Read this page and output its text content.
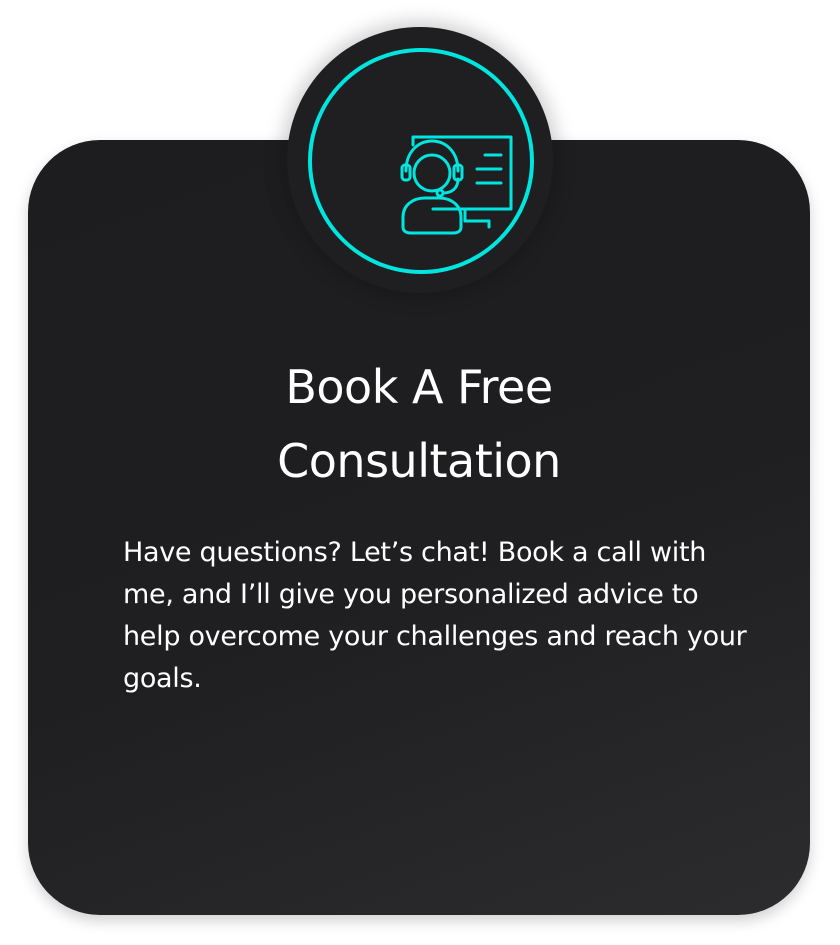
Book A Free
Consultation

Have questions? Let’s chat! Book a call with me, and I’ll give you personalized advice to help overcome your challenges and reach your goals.
